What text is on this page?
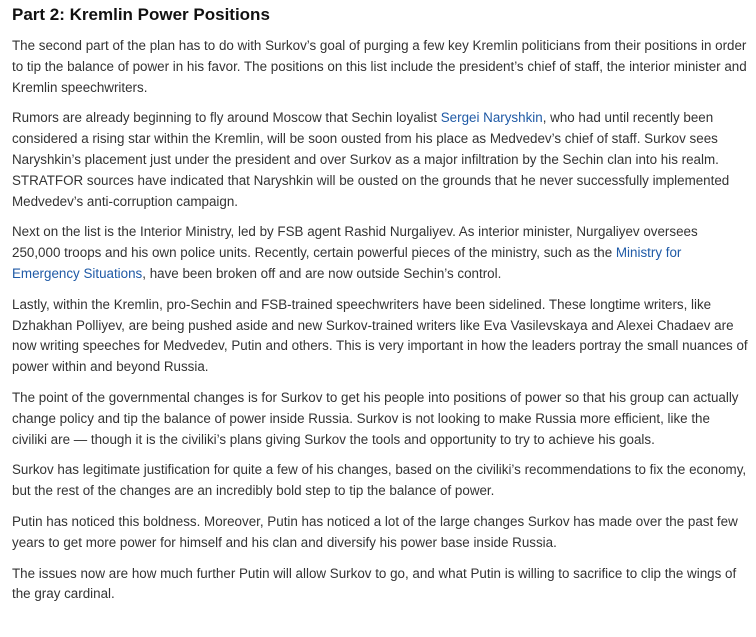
Part 2: Kremlin Power Positions

The second part of the plan has to do with Surkov’s goal of purging a few key Kremlin politicians from their positions in order to tip the balance of power in his favor. The positions on this list include the president’s chief of staff, the interior minister and Kremlin speechwriters.

Rumors are already beginning to fly around Moscow that Sechin loyalist Sergei Naryshkin, who had until recently been considered a rising star within the Kremlin, will be soon ousted from his place as Medvedev’s chief of staff. Surkov sees Naryshkin’s placement just under the president and over Surkov as a major infiltration by the Sechin clan into his realm. STRATFOR sources have indicated that Naryshkin will be ousted on the grounds that he never successfully implemented Medvedev’s anti-corruption campaign.

Next on the list is the Interior Ministry, led by FSB agent Rashid Nurgaliyev. As interior minister, Nurgaliyev oversees 250,000 troops and his own police units. Recently, certain powerful pieces of the ministry, such as the Ministry for Emergency Situations, have been broken off and are now outside Sechin’s control.

Lastly, within the Kremlin, pro-Sechin and FSB-trained speechwriters have been sidelined. These longtime writers, like Dzhakhan Polliyev, are being pushed aside and new Surkov-trained writers like Eva Vasilevskaya and Alexei Chadaev are now writing speeches for Medvedev, Putin and others. This is very important in how the leaders portray the small nuances of power within and beyond Russia.

The point of the governmental changes is for Surkov to get his people into positions of power so that his group can actually change policy and tip the balance of power inside Russia. Surkov is not looking to make Russia more efficient, like the civiliki are — though it is the civiliki’s plans giving Surkov the tools and opportunity to try to achieve his goals.

Surkov has legitimate justification for quite a few of his changes, based on the civiliki’s recommendations to fix the economy, but the rest of the changes are an incredibly bold step to tip the balance of power.

Putin has noticed this boldness. Moreover, Putin has noticed a lot of the large changes Surkov has made over the past few years to get more power for himself and his clan and diversify his power base inside Russia.

The issues now are how much further Putin will allow Surkov to go, and what Putin is willing to sacrifice to clip the wings of the gray cardinal.
